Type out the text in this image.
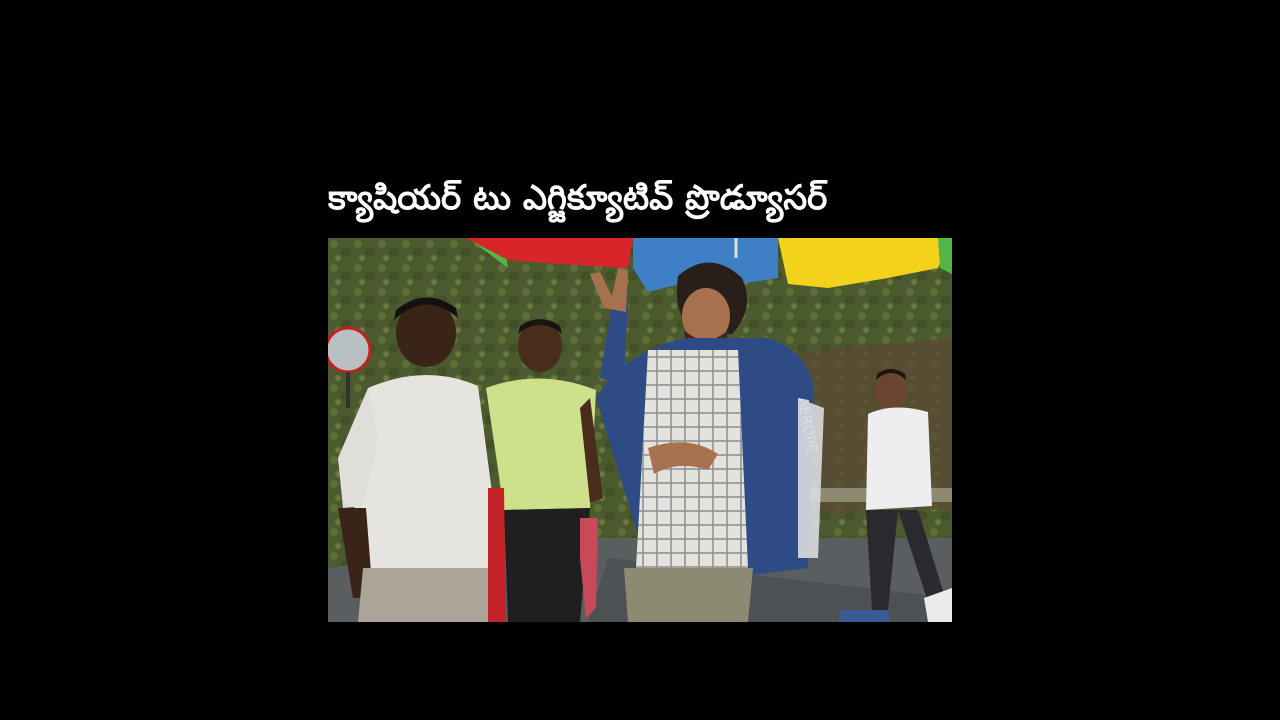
క్యాషియర్ టు ఎగ్జిక్యూటివ్ ప్రొడ్యూసర్
